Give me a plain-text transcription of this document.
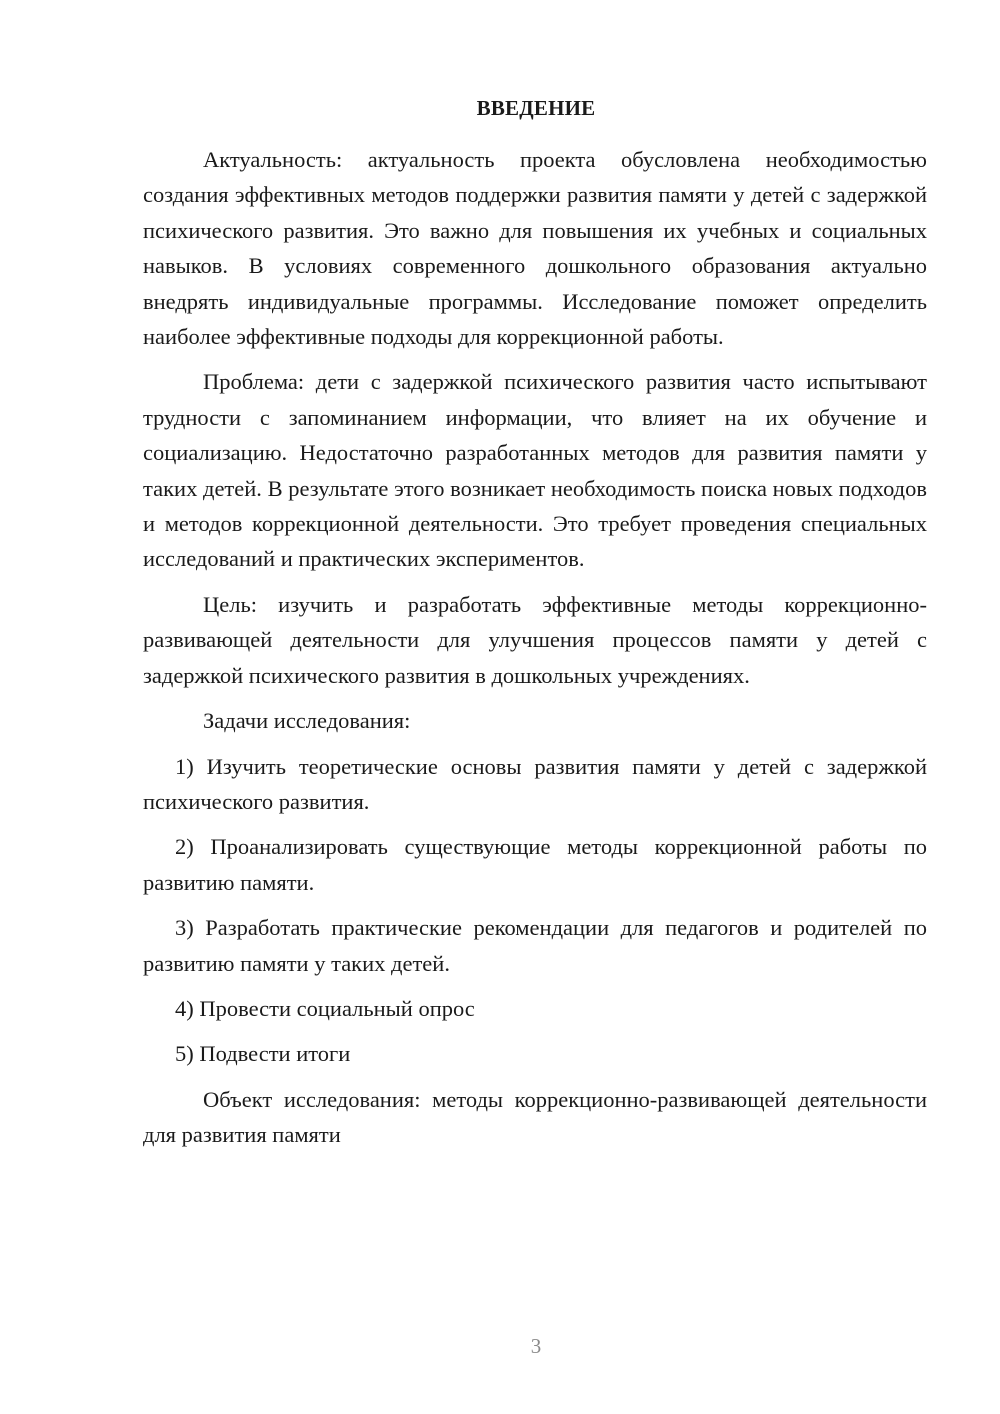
ВВЕДЕНИЕ

Актуальность: актуальность проекта обусловлена необходимостью создания эффективных методов поддержки развития памяти у детей с задержкой психического развития. Это важно для повышения их учебных и социальных навыков. В условиях современного дошкольного образования актуально внедрять индивидуальные программы. Исследование поможет определить наиболее эффективные подходы для коррекционной работы.

Проблема: дети с задержкой психического развития часто испытывают трудности с запоминанием информации, что влияет на их обучение и социализацию. Недостаточно разработанных методов для развития памяти у таких детей. В результате этого возникает необходимость поиска новых подходов и методов коррекционной деятельности. Это требует проведения специальных исследований и практических экспериментов.

Цель: изучить и разработать эффективные методы коррекционно-развивающей деятельности для улучшения процессов памяти у детей с задержкой психического развития в дошкольных учреждениях.

Задачи исследования:

1) Изучить теоретические основы развития памяти у детей с задержкой психического развития.

2) Проанализировать существующие методы коррекционной работы по развитию памяти.

3) Разработать практические рекомендации для педагогов и родителей по развитию памяти у таких детей.

4) Провести социальный опрос

5) Подвести итоги

Объект исследования: методы коррекционно-развивающей деятельности для развития памяти

3
